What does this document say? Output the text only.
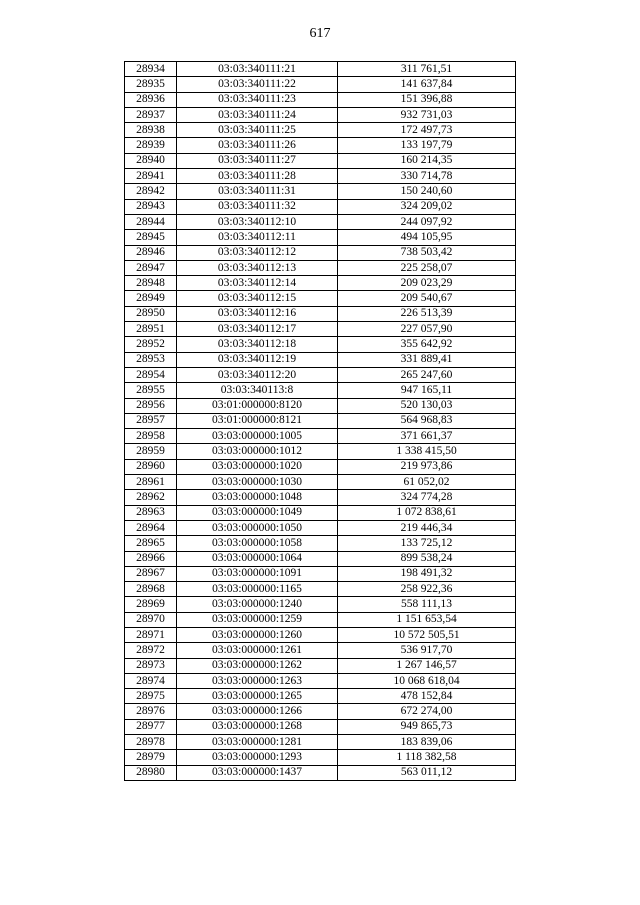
617
28934	03:03:340111:21	311 761,51
28935	03:03:340111:22	141 637,84
28936	03:03:340111:23	151 396,88
28937	03:03:340111:24	932 731,03
28938	03:03:340111:25	172 497,73
28939	03:03:340111:26	133 197,79
28940	03:03:340111:27	160 214,35
28941	03:03:340111:28	330 714,78
28942	03:03:340111:31	150 240,60
28943	03:03:340111:32	324 209,02
28944	03:03:340112:10	244 097,92
28945	03:03:340112:11	494 105,95
28946	03:03:340112:12	738 503,42
28947	03:03:340112:13	225 258,07
28948	03:03:340112:14	209 023,29
28949	03:03:340112:15	209 540,67
28950	03:03:340112:16	226 513,39
28951	03:03:340112:17	227 057,90
28952	03:03:340112:18	355 642,92
28953	03:03:340112:19	331 889,41
28954	03:03:340112:20	265 247,60
28955	03:03:340113:8	947 165,11
28956	03:01:000000:8120	520 130,03
28957	03:01:000000:8121	564 968,83
28958	03:03:000000:1005	371 661,37
28959	03:03:000000:1012	1 338 415,50
28960	03:03:000000:1020	219 973,86
28961	03:03:000000:1030	61 052,02
28962	03:03:000000:1048	324 774,28
28963	03:03:000000:1049	1 072 838,61
28964	03:03:000000:1050	219 446,34
28965	03:03:000000:1058	133 725,12
28966	03:03:000000:1064	899 538,24
28967	03:03:000000:1091	198 491,32
28968	03:03:000000:1165	258 922,36
28969	03:03:000000:1240	558 111,13
28970	03:03:000000:1259	1 151 653,54
28971	03:03:000000:1260	10 572 505,51
28972	03:03:000000:1261	536 917,70
28973	03:03:000000:1262	1 267 146,57
28974	03:03:000000:1263	10 068 618,04
28975	03:03:000000:1265	478 152,84
28976	03:03:000000:1266	672 274,00
28977	03:03:000000:1268	949 865,73
28978	03:03:000000:1281	183 839,06
28979	03:03:000000:1293	1 118 382,58
28980	03:03:000000:1437	563 011,12
